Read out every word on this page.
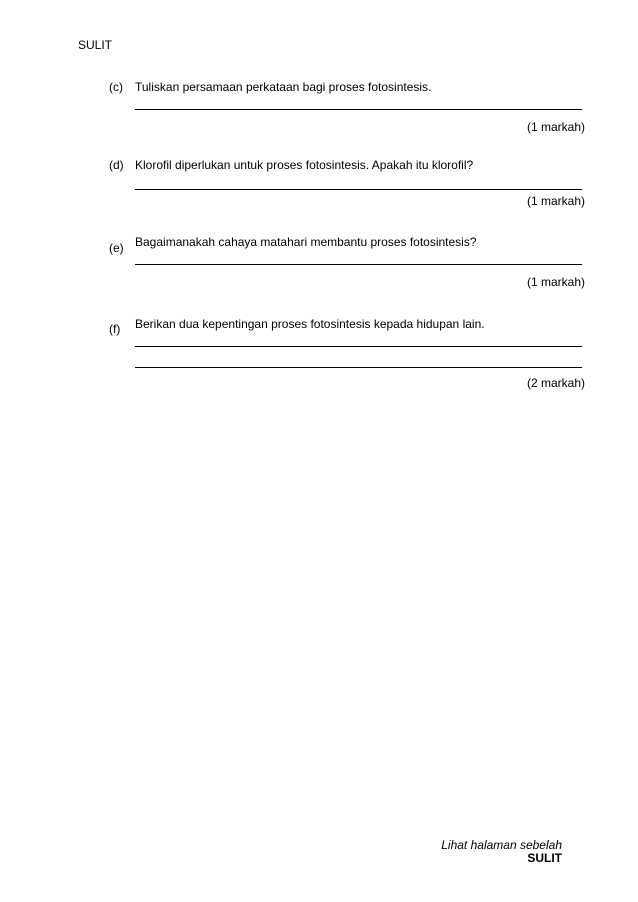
SULIT
(c) Tuliskan persamaan perkataan bagi proses fotosintesis.
(1 markah)
(d) Klorofil diperlukan untuk proses fotosintesis. Apakah itu klorofil?
(1 markah)
(e) Bagaimanakah cahaya matahari membantu proses fotosintesis?
(1 markah)
(f) Berikan dua kepentingan proses fotosintesis kepada hidupan lain.
(2 markah)
Lihat halaman sebelah
SULIT
